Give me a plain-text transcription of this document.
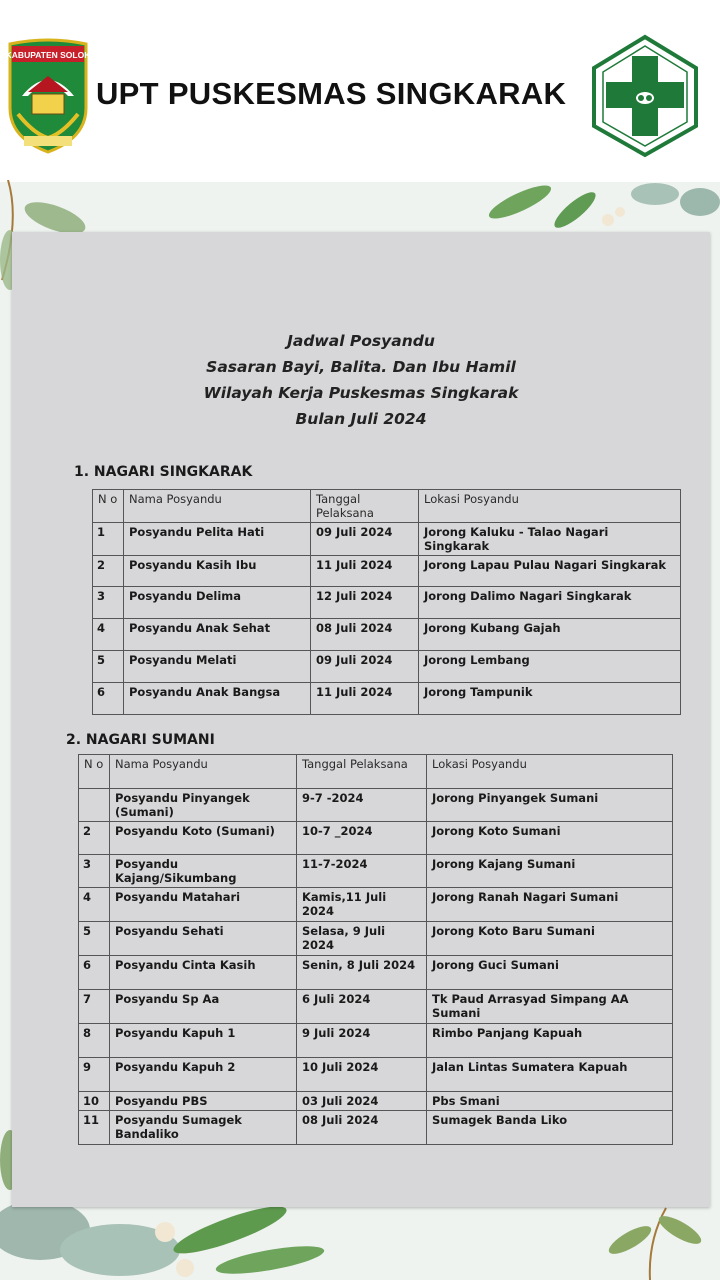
KABUPATEN SOLOK
UPT PUSKESMAS SINGKARAK
Jadwal Posyandu
Sasaran Bayi, Balita. Dan Ibu Hamil
Wilayah Kerja Puskesmas Singkarak
Bulan Juli 2024
1. NAGARI SINGKARAK
N o	Nama Posyandu	Tanggal Pelaksana	Lokasi Posyandu
1	Posyandu Pelita Hati	09 Juli 2024	Jorong Kaluku - Talao Nagari Singkarak
2	Posyandu Kasih Ibu	11 Juli 2024	Jorong Lapau Pulau Nagari Singkarak
3	Posyandu Delima	12 Juli 2024	Jorong Dalimo Nagari Singkarak
4	Posyandu Anak Sehat	08 Juli 2024	Jorong Kubang Gajah
5	Posyandu Melati	09 Juli 2024	Jorong Lembang
6	Posyandu Anak Bangsa	11 Juli 2024	Jorong Tampunik
2. NAGARI SUMANI
N o	Nama Posyandu	Tanggal Pelaksana	Lokasi Posyandu
	Posyandu Pinyangek (Sumani)	9-7 -2024	Jorong Pinyangek Sumani
2	Posyandu Koto (Sumani)	10-7 _2024	Jorong Koto Sumani
3	Posyandu Kajang/Sikumbang	11-7-2024	Jorong Kajang Sumani
4	Posyandu Matahari	Kamis,11 Juli 2024	Jorong Ranah Nagari Sumani
5	Posyandu Sehati	Selasa, 9 Juli 2024	Jorong Koto Baru Sumani
6	Posyandu Cinta Kasih	Senin, 8 Juli 2024	Jorong Guci Sumani
7	Posyandu Sp Aa	6 Juli 2024	Tk Paud Arrasyad Simpang AA Sumani
8	Posyandu Kapuh 1	9 Juli 2024	Rimbo Panjang Kapuah
9	Posyandu Kapuh 2	10 Juli 2024	Jalan Lintas Sumatera Kapuah
10	Posyandu PBS	03 Juli 2024	Pbs Smani
11	Posyandu Sumagek Bandaliko	08 Juli 2024	Sumagek Banda Liko
